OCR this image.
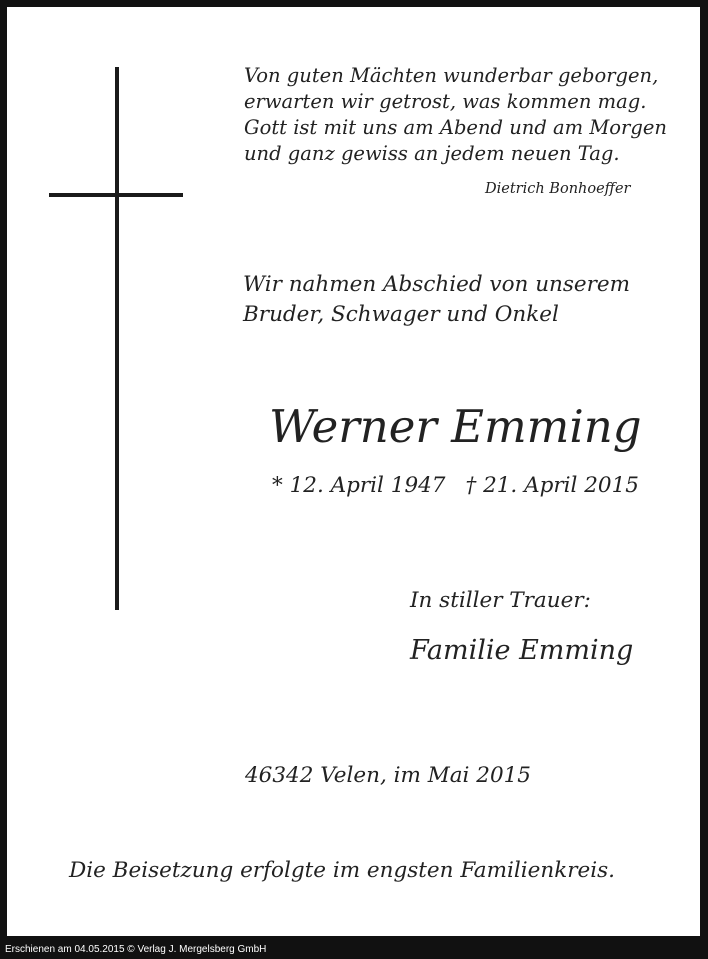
Von guten Mächten wunderbar geborgen,
erwarten wir getrost, was kommen mag.
Gott ist mit uns am Abend und am Morgen
und ganz gewiss an jedem neuen Tag.
Dietrich Bonhoeffer
Wir nahmen Abschied von unserem
Bruder, Schwager und Onkel
Werner Emming
* 12. April 1947 † 21. April 2015
In stiller Trauer:
Familie Emming
46342 Velen, im Mai 2015
Die Beisetzung erfolgte im engsten Familienkreis.
Erschienen am 04.05.2015 © Verlag J. Mergelsberg GmbH
